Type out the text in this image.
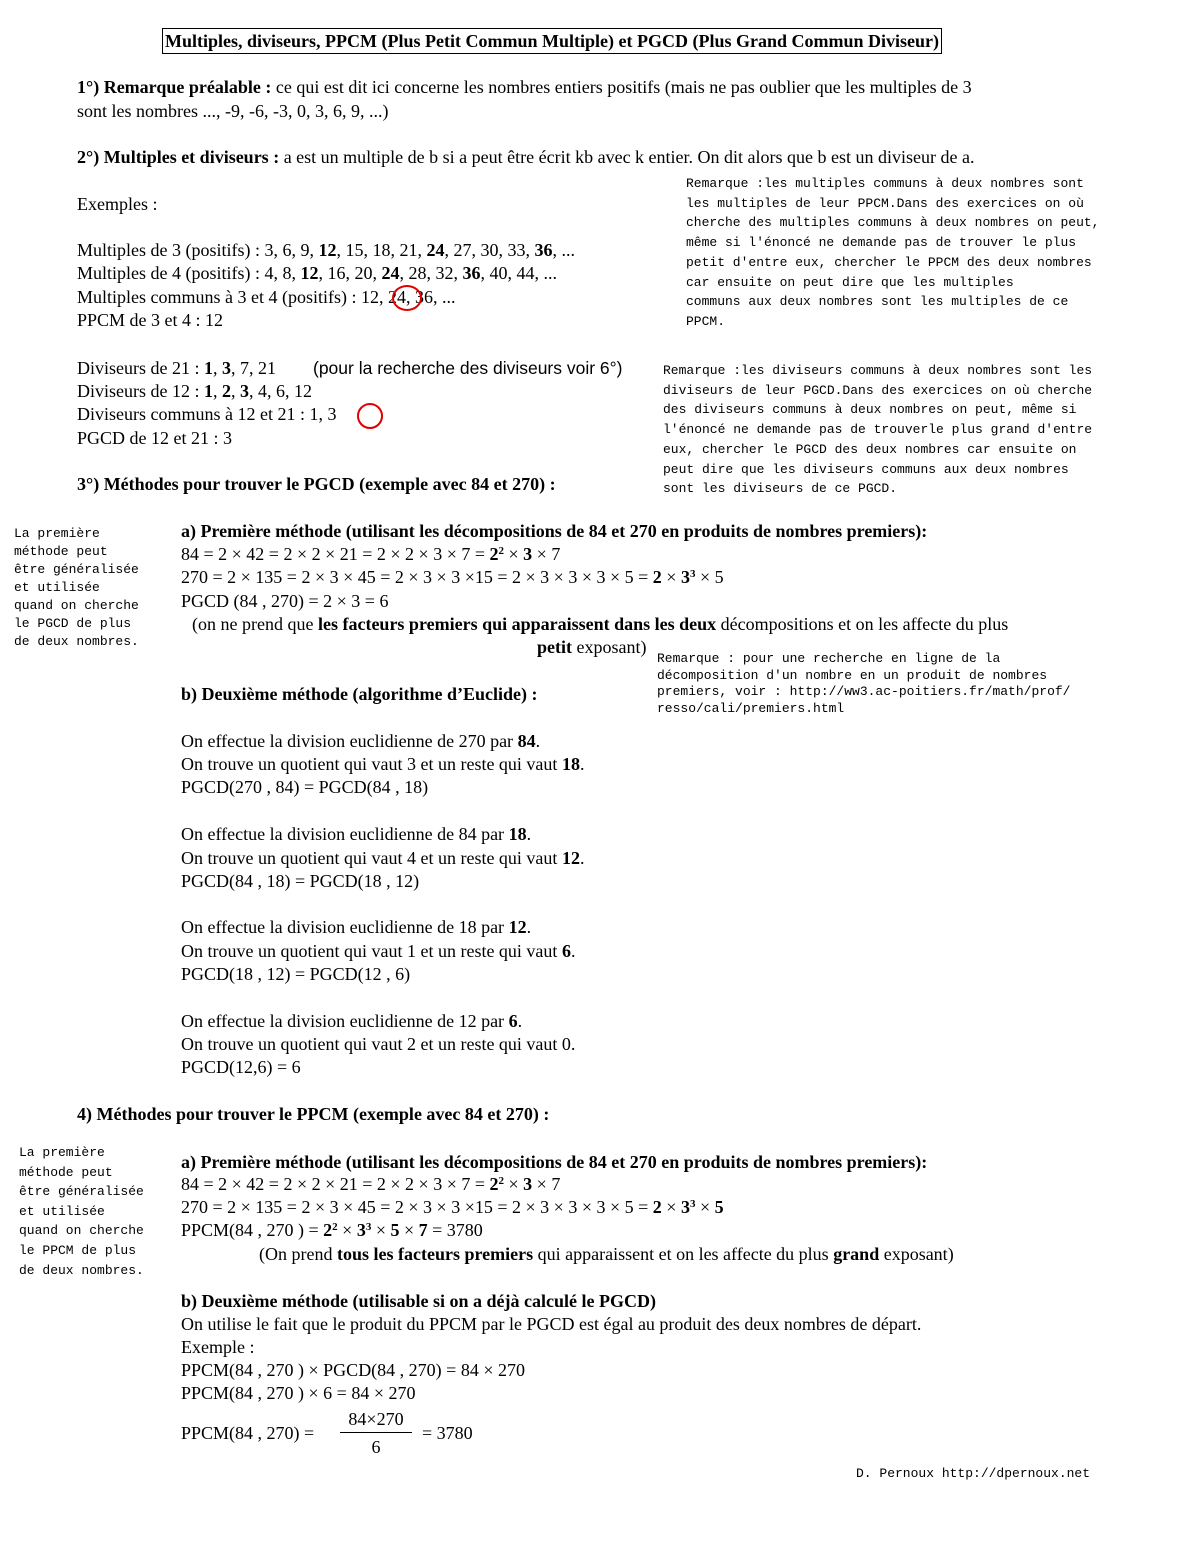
Multiples, diviseurs, PPCM (Plus Petit Commun Multiple) et PGCD (Plus Grand Commun Diviseur)
1°) Remarque préalable : ce qui est dit ici concerne les nombres entiers positifs (mais ne pas oublier que les multiples de 3
sont les nombres ..., -9, -6, -3, 0, 3, 6, 9, ...)
2°) Multiples et diviseurs : a est un multiple de b si a peut être écrit kb avec k entier. On dit alors que b est un diviseur de a.
Exemples :
Multiples de 3 (positifs) : 3, 6, 9, 12, 15, 18, 21, 24, 27, 30, 33, 36, ...
Multiples de 4 (positifs) : 4, 8, 12, 16, 20, 24, 28, 32, 36, 40, 44, ...
Multiples communs à 3 et 4 (positifs) : 12, 24, 36, ...
PPCM de 3 et 4 : 12
Diviseurs de 21 : 1, 3, 7, 21 (pour la recherche des diviseurs voir 6°)
Diviseurs de 12 : 1, 2, 3, 4, 6, 12
Diviseurs communs à 12 et 21 : 1, 3
PGCD de 12 et 21 : 3
Remarque :les multiples communs à deux nombres sont
les multiples de leur PPCM.Dans des exercices on où
cherche des multiples communs à deux nombres on peut,
même si l'énoncé ne demande pas de trouver le plus
petit d'entre eux, chercher le PPCM des deux nombres
car ensuite on peut dire que les multiples
communs aux deux nombres sont les multiples de ce
PPCM.
Remarque :les diviseurs communs à deux nombres sont les
diviseurs de leur PGCD.Dans des exercices on où cherche
des diviseurs communs à deux nombres on peut, même si
l'énoncé ne demande pas de trouverle plus grand d'entre
eux, chercher le PGCD des deux nombres car ensuite on
peut dire que les diviseurs communs aux deux nombres
sont les diviseurs de ce PGCD.
3°) Méthodes pour trouver le PGCD (exemple avec 84 et 270) :
La première
méthode peut
être généralisée
et utilisée
quand on cherche
le PGCD de plus
de deux nombres.
a) Première méthode (utilisant les décompositions de 84 et 270 en produits de nombres premiers):
$84 = 2 \times 42 = 2 \times 2 \times 21 = 2 \times 2 \times 3 \times 7 = 2^2 \times 3 \times 7$
$270 = 2 \times 135 = 2 \times 3 \times 45 = 2 \times 3 \times 3 \times 15 = 2 \times 3 \times 3 \times 3 \times 5 = 2 \times 3^3 \times 5$
PGCD (84 , 270) = 2 × 3 = 6
(on ne prend que les facteurs premiers qui apparaissent dans les deux décompositions et on les affecte du plus
petit exposant)
Remarque : pour une recherche en ligne de la
décomposition d'un nombre en un produit de nombres
premiers, voir : http://ww3.ac-poitiers.fr/math/prof/
resso/cali/premiers.html
b) Deuxième méthode (algorithme d’Euclide) :
On effectue la division euclidienne de 270 par 84.
On trouve un quotient qui vaut 3 et un reste qui vaut 18.
PGCD(270 , 84) = PGCD(84 , 18)
On effectue la division euclidienne de 84 par 18.
On trouve un quotient qui vaut 4 et un reste qui vaut 12.
PGCD(84 , 18) = PGCD(18 , 12)
On effectue la division euclidienne de 18 par 12.
On trouve un quotient qui vaut 1 et un reste qui vaut 6.
PGCD(18 , 12) = PGCD(12 , 6)
On effectue la division euclidienne de 12 par 6.
On trouve un quotient qui vaut 2 et un reste qui vaut 0.
PGCD(12,6) = 6
4) Méthodes pour trouver le PPCM (exemple avec 84 et 270) :
La première
méthode peut
être généralisée
et utilisée
quand on cherche
le PPCM de plus
de deux nombres.
a) Première méthode (utilisant les décompositions de 84 et 270 en produits de nombres premiers):
$84 = 2 \times 42 = 2 \times 2 \times 21 = 2 \times 2 \times 3 \times 7 = 2^2 \times 3 \times 7$
$270 = 2 \times 135 = 2 \times 3 \times 45 = 2 \times 3 \times 3 \times 15 = 2 \times 3 \times 3 \times 3 \times 5 = 2 \times 3^3 \times 5$
PPCM(84 , 270 ) = $2^2 \times 3^3 \times 5 \times 7 = 3780$
(On prend tous les facteurs premiers qui apparaissent et on les affecte du plus grand exposant)
b) Deuxième méthode (utilisable si on a déjà calculé le PGCD)
On utilise le fait que le produit du PPCM par le PGCD est égal au produit des deux nombres de départ.
Exemple :
PPCM(84 , 270 ) × PGCD(84 , 270) = 84 × 270
PPCM(84 , 270 ) × 6 = 84 × 270
PPCM(84 , 270) =
84×270
6
= 3780
D. Pernoux http://dpernoux.net
